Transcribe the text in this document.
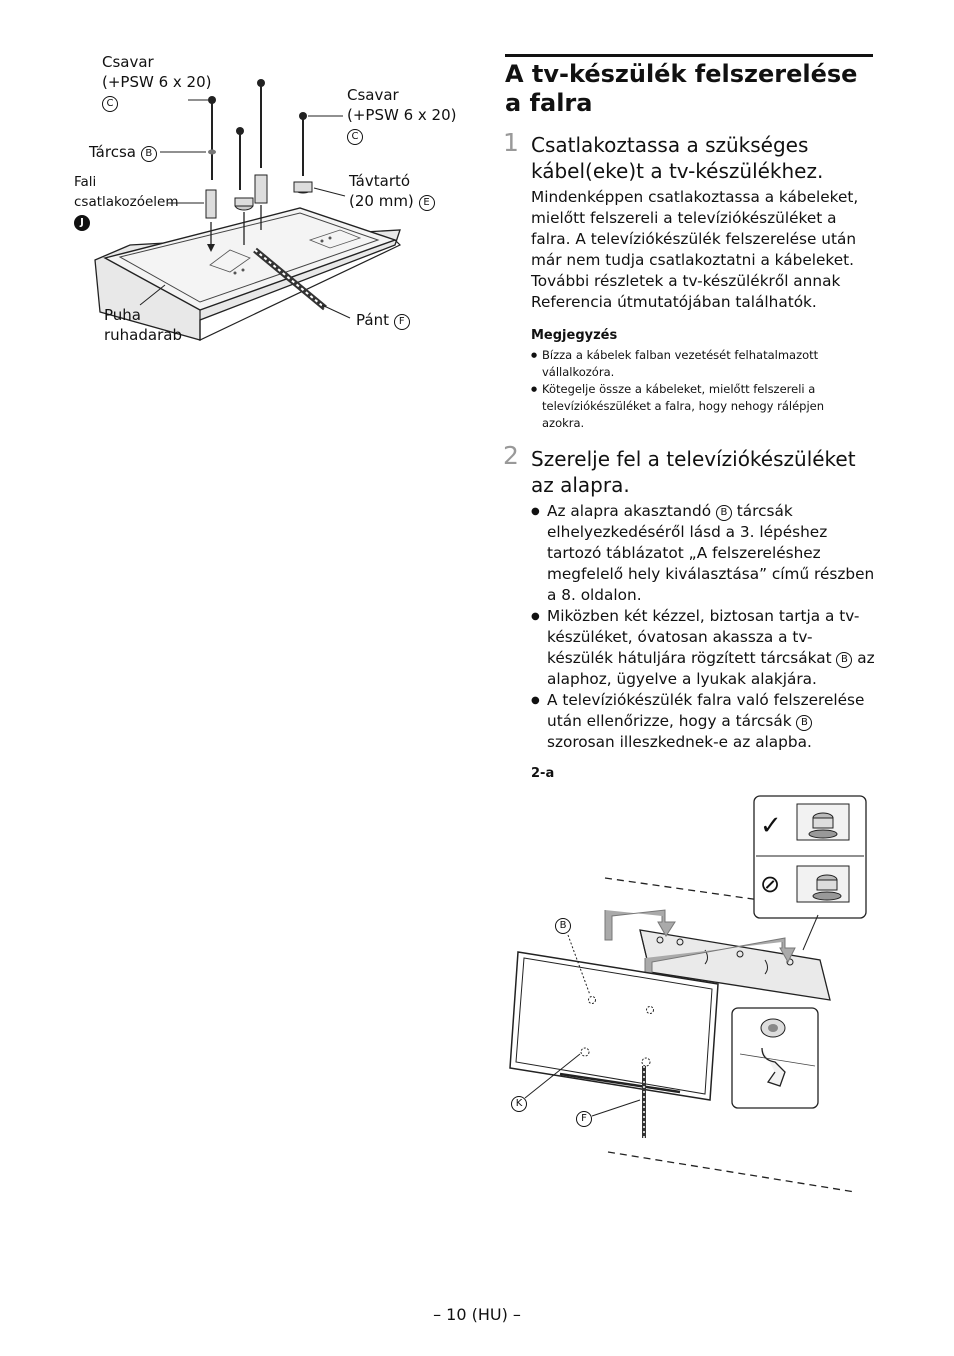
Csavar
(+PSW 6 x 20)
C	Csavar
(+PSW 6 x 20)
C
Tárcsa B
Fali
csatlakozóelem
J
Távtartó
(20 mm) E
Puha
ruhadarab
Pánt F
A tv-készülék felszerelése a falra
1 Csatlakoztassa a szükséges kábel(eke)t a tv-készülékhez.
Mindenképpen csatlakoztassa a kábeleket, mielőtt felszereli a televíziókészüléket a falra. A televíziókészülék felszerelése után már nem tudja csatlakoztatni a kábeleket. További részletek a tv-készülékről annak Referencia útmutatójában találhatók.
Megjegyzés
● Bízza a kábelek falban vezetését felhatalmazott vállalkozóra.
● Kötegelje össze a kábeleket, mielőtt felszereli a televíziókészüléket a falra, hogy nehogy rálépjen azokra.
2 Szerelje fel a televíziókészüléket az alapra.
● Az alapra akasztandó B tárcsák elhelyezkedéséről lásd a 3. lépéshez tartozó táblázatot „A felszereléshez megfelelő hely kiválasztása” című részben a 8. oldalon.
● Miközben két kézzel, biztosan tartja a tv-készüléket, óvatosan akassza a tv-készülék hátuljára rögzített tárcsákat B az alaphoz, ügyelve a lyukak alakjára.
● A televíziókészülék falra való felszerelése után ellenőrizze, hogy a tárcsák B szorosan illeszkednek-e az alapba.
2-a
✓
⊘
B
K
F
– 10 (HU) –
